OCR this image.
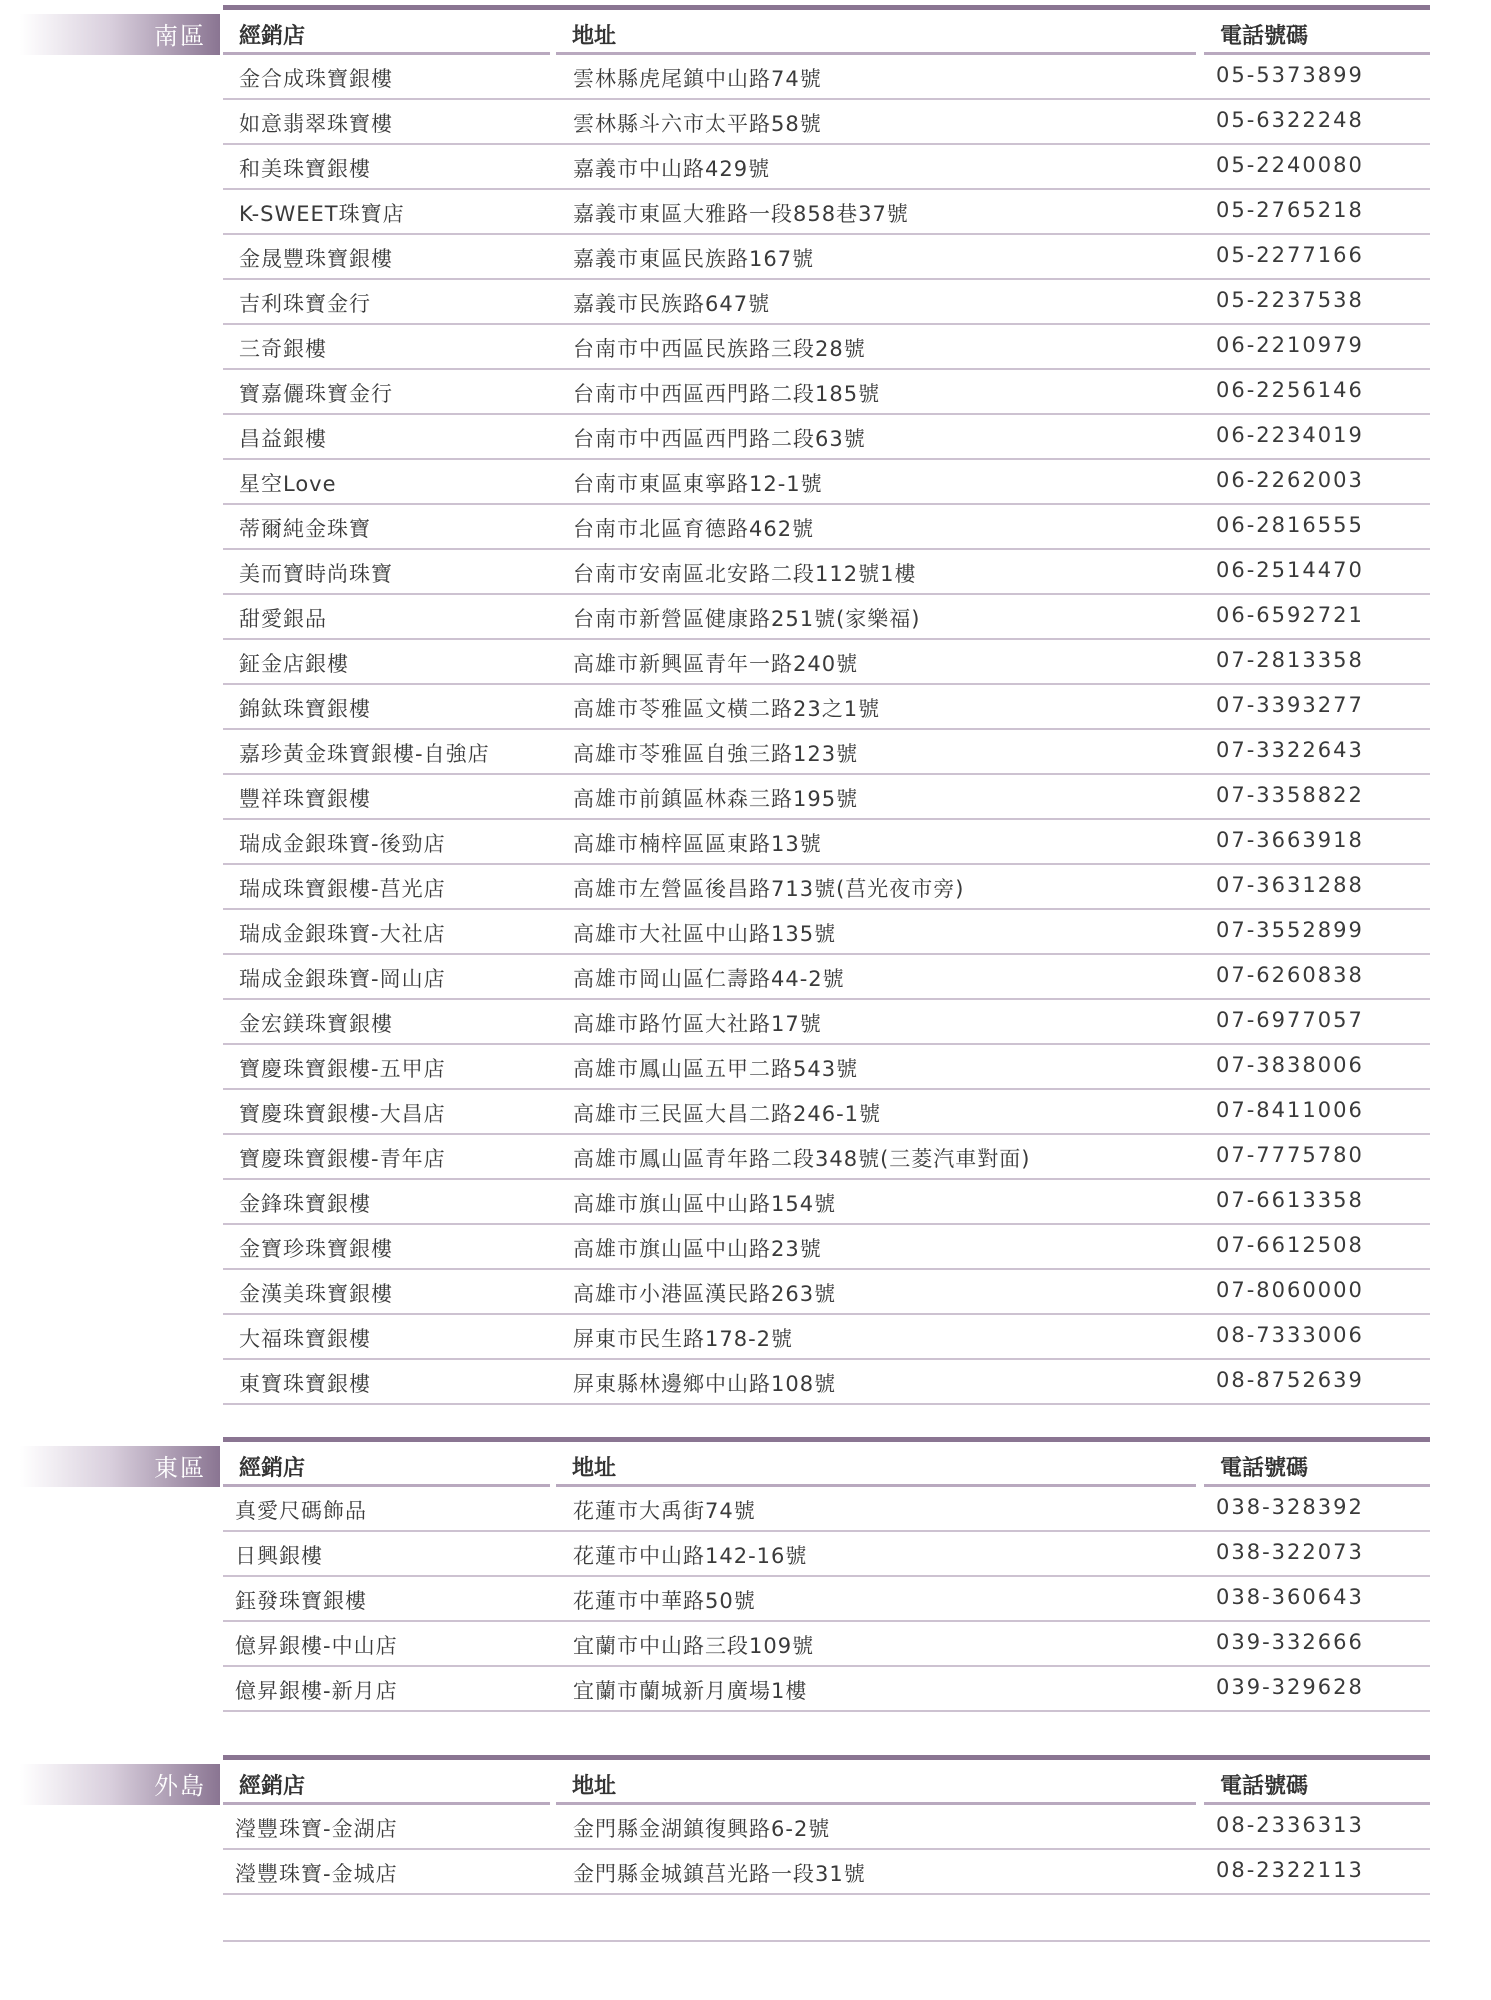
南區 經銷店	地址	電話號碼
金合成珠寶銀樓	雲林縣虎尾鎮中山路74號	05-5373899
如意翡翠珠寶樓	雲林縣斗六市太平路58號	05-6322248
和美珠寶銀樓	嘉義市中山路429號	05-2240080
K-SWEET珠寶店	嘉義市東區大雅路一段858巷37號	05-2765218
金晟豐珠寶銀樓	嘉義市東區民族路167號	05-2277166
吉利珠寶金行	嘉義市民族路647號	05-2237538
三奇銀樓	台南市中西區民族路三段28號	06-2210979
寶嘉儷珠寶金行	台南市中西區西門路二段185號	06-2256146
昌益銀樓	台南市中西區西門路二段63號	06-2234019
星空Love	台南市東區東寧路12-1號	06-2262003
蒂爾純金珠寶	台南市北區育德路462號	06-2816555
美而寶時尚珠寶	台南市安南區北安路二段112號1樓	06-2514470
甜愛銀品	台南市新營區健康路251號(家樂福)	06-6592721
鉦金店銀樓	高雄市新興區青年一路240號	07-2813358
錦鈦珠寶銀樓	高雄市苓雅區文橫二路23之1號	07-3393277
嘉珍黃金珠寶銀樓-自強店	高雄市苓雅區自強三路123號	07-3322643
豐祥珠寶銀樓	高雄市前鎮區林森三路195號	07-3358822
瑞成金銀珠寶-後勁店	高雄市楠梓區區東路13號	07-3663918
瑞成珠寶銀樓-莒光店	高雄市左營區後昌路713號(莒光夜市旁)	07-3631288
瑞成金銀珠寶-大社店	高雄市大社區中山路135號	07-3552899
瑞成金銀珠寶-岡山店	高雄市岡山區仁壽路44-2號	07-6260838
金宏鎂珠寶銀樓	高雄市路竹區大社路17號	07-6977057
寶慶珠寶銀樓-五甲店	高雄市鳳山區五甲二路543號	07-3838006
寶慶珠寶銀樓-大昌店	高雄市三民區大昌二路246-1號	07-8411006
寶慶珠寶銀樓-青年店	高雄市鳳山區青年路二段348號(三菱汽車對面)	07-7775780
金鋒珠寶銀樓	高雄市旗山區中山路154號	07-6613358
金寶珍珠寶銀樓	高雄市旗山區中山路23號	07-6612508
金漢美珠寶銀樓	高雄市小港區漢民路263號	07-8060000
大福珠寶銀樓	屏東市民生路178-2號	08-7333006
東寶珠寶銀樓	屏東縣林邊鄉中山路108號	08-8752639
東區 經銷店	地址	電話號碼
真愛尺碼飾品	花蓮市大禹街74號	038-328392
日興銀樓	花蓮市中山路142-16號	038-322073
鈺發珠寶銀樓	花蓮市中華路50號	038-360643
億昇銀樓-中山店	宜蘭市中山路三段109號	039-332666
億昇銀樓-新月店	宜蘭市蘭城新月廣場1樓	039-329628
外島 經銷店	地址	電話號碼
瀅豐珠寶-金湖店	金門縣金湖鎮復興路6-2號	08-2336313
瀅豐珠寶-金城店	金門縣金城鎮莒光路一段31號	08-2322113
